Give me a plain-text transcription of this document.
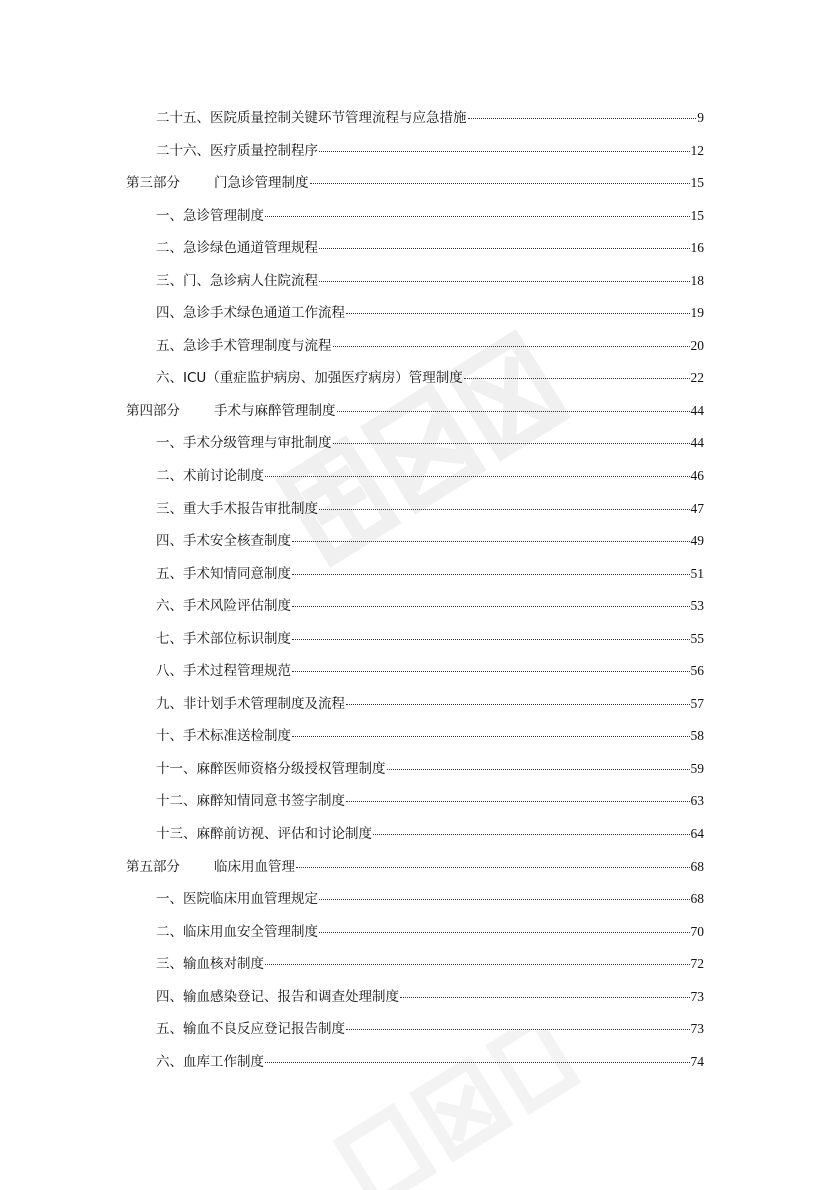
二十五、医院质量控制关键环节管理流程与应急措施	9
二十六、医疗质量控制程序	12
第三部分	门急诊管理制度	15
一、急诊管理制度	15
二、急诊绿色通道管理规程	16
三、门、急诊病人住院流程	18
四、急诊手术绿色通道工作流程	19
五、急诊手术管理制度与流程	20
六、ICU（重症监护病房、加强医疗病房）管理制度	22
第四部分	手术与麻醉管理制度	44
一、手术分级管理与审批制度	44
二、术前讨论制度	46
三、重大手术报告审批制度	47
四、手术安全核查制度	49
五、手术知情同意制度	51
六、手术风险评估制度	53
七、手术部位标识制度	55
八、手术过程管理规范	56
九、非计划手术管理制度及流程	57
十、手术标准送检制度	58
十一、麻醉医师资格分级授权管理制度	59
十二、麻醉知情同意书签字制度	63
十三、麻醉前访视、评估和讨论制度	64
第五部分	临床用血管理	68
一、医院临床用血管理规定	68
二、临床用血安全管理制度	70
三、输血核对制度	72
四、输血感染登记、报告和调查处理制度	73
五、输血不良反应登记报告制度	73
六、血库工作制度	74
